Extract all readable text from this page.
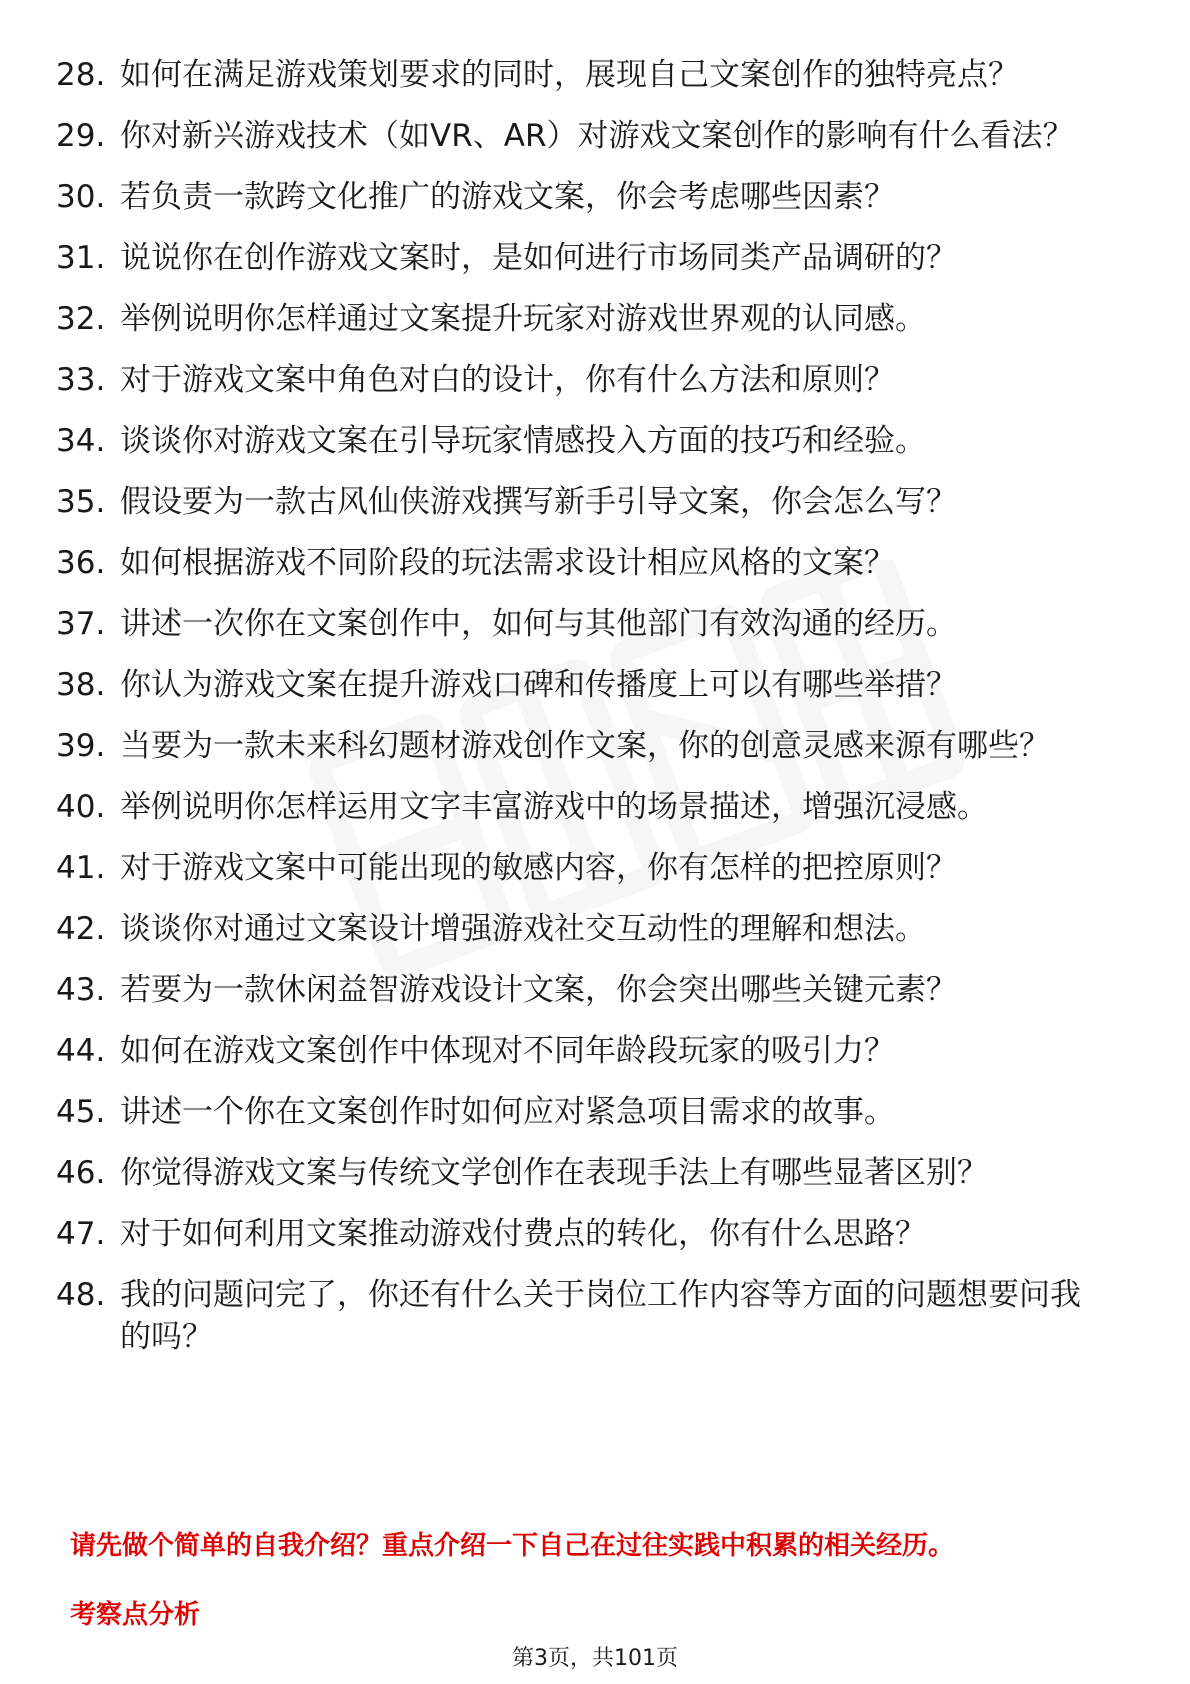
28. 如何在满足游戏策划要求的同时，展现自己文案创作的独特亮点？
29. 你对新兴游戏技术（如VR、AR）对游戏文案创作的影响有什么看法？
30. 若负责一款跨文化推广的游戏文案，你会考虑哪些因素？
31. 说说你在创作游戏文案时，是如何进行市场同类产品调研的？
32. 举例说明你怎样通过文案提升玩家对游戏世界观的认同感。
33. 对于游戏文案中角色对白的设计，你有什么方法和原则？
34. 谈谈你对游戏文案在引导玩家情感投入方面的技巧和经验。
35. 假设要为一款古风仙侠游戏撰写新手引导文案，你会怎么写？
36. 如何根据游戏不同阶段的玩法需求设计相应风格的文案？
37. 讲述一次你在文案创作中，如何与其他部门有效沟通的经历。
38. 你认为游戏文案在提升游戏口碑和传播度上可以有哪些举措？
39. 当要为一款未来科幻题材游戏创作文案，你的创意灵感来源有哪些？
40. 举例说明你怎样运用文字丰富游戏中的场景描述，增强沉浸感。
41. 对于游戏文案中可能出现的敏感内容，你有怎样的把控原则？
42. 谈谈你对通过文案设计增强游戏社交互动性的理解和想法。
43. 若要为一款休闲益智游戏设计文案，你会突出哪些关键元素？
44. 如何在游戏文案创作中体现对不同年龄段玩家的吸引力？
45. 讲述一个你在文案创作时如何应对紧急项目需求的故事。
46. 你觉得游戏文案与传统文学创作在表现手法上有哪些显著区别？
47. 对于如何利用文案推动游戏付费点的转化，你有什么思路？
48. 我的问题问完了，你还有什么关于岗位工作内容等方面的问题想要问我的吗？

请先做个简单的自我介绍？重点介绍一下自己在过往实践中积累的相关经历。

考察点分析

第3页，共101页
